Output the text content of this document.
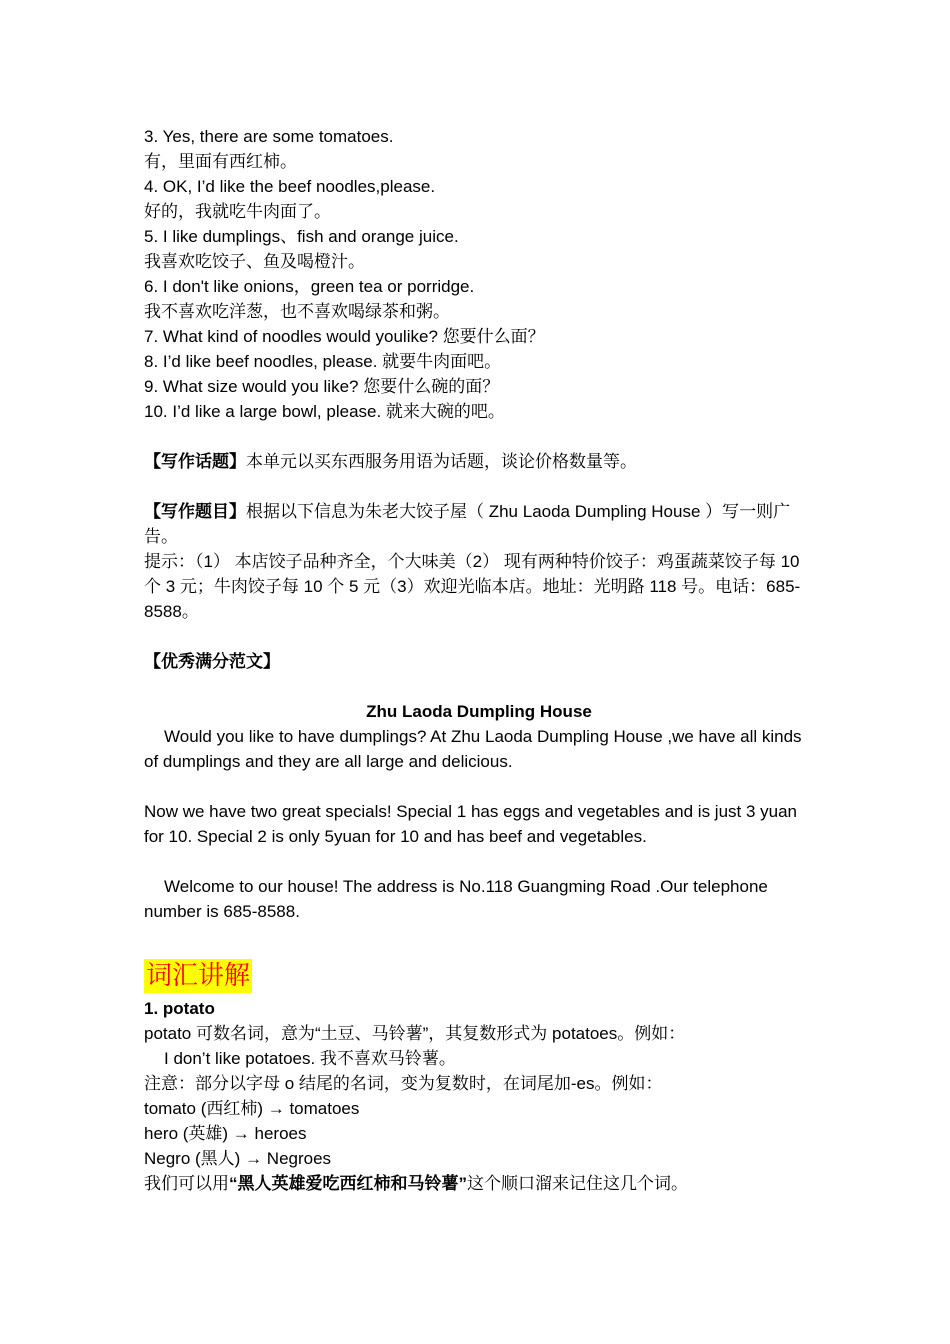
3. Yes, there are some tomatoes.

有，里面有西红柿。

4. OK, I’d like the beef noodles,please.

好的，我就吃牛肉面了。

5. I like dumplings、fish and orange juice.

我喜欢吃饺子、鱼及喝橙汁。

6. I don't like onions，green tea or porridge.

我不喜欢吃洋葱，也不喜欢喝绿茶和粥。

7. What kind of noodles would youlike? 您要什么面？

8. I’d like beef noodles, please. 就要牛肉面吧。

9. What size would you like? 您要什么碗的面？

10. I’d like a large bowl, please. 就来大碗的吧。

【写作话题】本单元以买东西服务用语为话题，谈论价格数量等。

【写作题目】根据以下信息为朱老大饺子屋（ Zhu Laoda Dumpling House ）写一则广告。

提示：（1） 本店饺子品种齐全，个大味美（2） 现有两种特价饺子：鸡蛋蔬菜饺子每 10 个 3 元；牛肉饺子每 10 个 5 元（3）欢迎光临本店。地址：光明路 118 号。电话：685-8588。

【优秀满分范文】

Zhu Laoda Dumpling House

Would you like to have dumplings? At Zhu Laoda Dumpling House ,we have all kinds of dumplings and they are all large and delicious.

Now we have two great specials! Special 1 has eggs and vegetables and is just 3 yuan for 10. Special 2 is only 5yuan for 10 and has beef and vegetables.

Welcome to our house! The address is No.118 Guangming Road .Our telephone number is 685-8588.

词汇讲解

1. potato

potato 可数名词，意为“土豆、马铃薯”，其复数形式为 potatoes。例如：

I don’t like potatoes. 我不喜欢马铃薯。

注意：部分以字母 o 结尾的名词，变为复数时，在词尾加-es。例如：

tomato (西红柿) → tomatoes

hero (英雄) → heroes

Negro (黑人) → Negroes

我们可以用“黑人英雄爱吃西红柿和马铃薯”这个顺口溜来记住这几个词。
